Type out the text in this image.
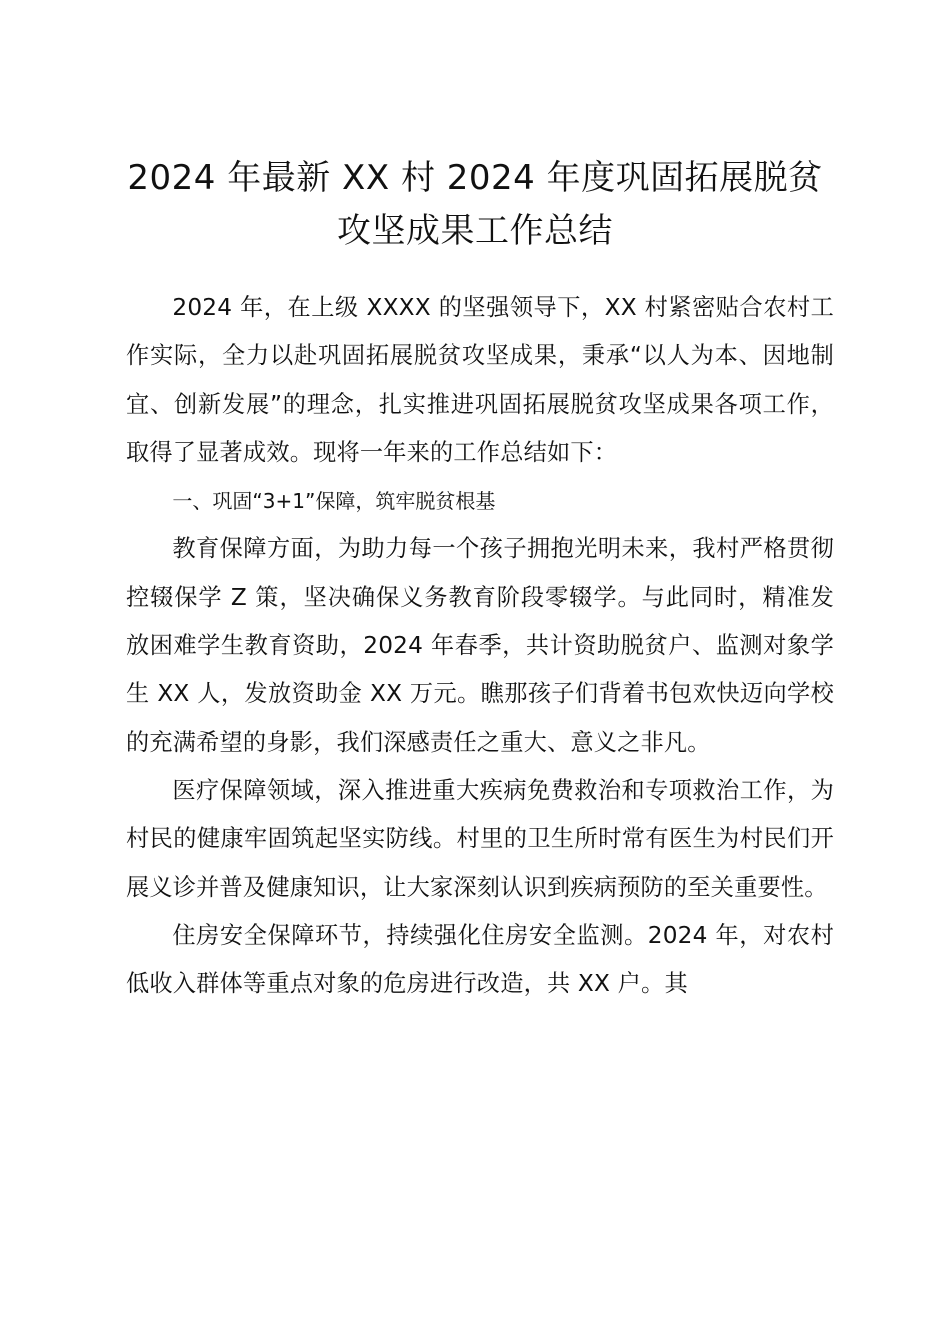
2024 年最新 XX 村 2024 年度巩固拓展脱贫
攻坚成果工作总结

2024 年，在上级 XXXX 的坚强领导下，XX 村紧密贴合农村工作实际，全力以赴巩固拓展脱贫攻坚成果，秉承“以人为本、因地制宜、创新发展”的理念，扎实推进巩固拓展脱贫攻坚成果各项工作，取得了显著成效。现将一年来的工作总结如下：

一、巩固“3+1”保障，筑牢脱贫根基

教育保障方面，为助力每一个孩子拥抱光明未来，我村严格贯彻控辍保学 Z 策，坚决确保义务教育阶段零辍学。与此同时，精准发放困难学生教育资助，2024 年春季，共计资助脱贫户、监测对象学生 XX 人，发放资助金 XX 万元。瞧那孩子们背着书包欢快迈向学校的充满希望的身影，我们深感责任之重大、意义之非凡。

医疗保障领域，深入推进重大疾病免费救治和专项救治工作，为村民的健康牢固筑起坚实防线。村里的卫生所时常有医生为村民们开展义诊并普及健康知识，让大家深刻认识到疾病预防的至关重要性。

住房安全保障环节，持续强化住房安全监测。2024 年，对农村低收入群体等重点对象的危房进行改造，共 XX 户。其
